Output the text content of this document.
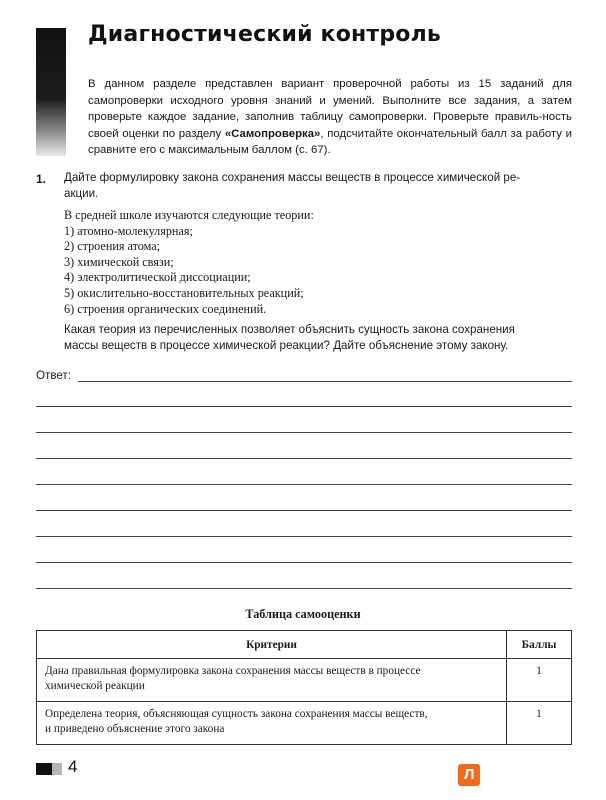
Диагностический контроль
В данном разделе представлен вариант проверочной работы из 15 заданий для самопроверки исходного уровня знаний и умений. Выполните все задания, а затем проверьте каждое задание, заполнив таблицу самопроверки. Проверьте правиль-ность своей оценки по разделу «Самопроверка», подсчитайте окончательный балл за работу и сравните его с максимальным баллом (с. 67).
1. Дайте формулировку закона сохранения массы веществ в процессе химической ре-
акции.
В средней школе изучаются следующие теории:
1) атомно-молекулярная;
2) строения атома;
3) химической связи;
4) электролитической диссоциации;
5) окислительно-восстановительных реакций;
6) строения органических соединений.
Какая теория из перечисленных позволяет объяснить сущность закона сохранения
массы веществ в процессе химической реакции? Дайте объяснение этому закону.
Ответ:
Таблица самооценки
Критерии	Баллы

Дана правильная формулировка закона сохранения массы веществ в процессе
химической реакции	1

Определена теория, объясняющая сущность закона сохранения массы веществ,
и приведено объяснение этого закона	1
4	Л
